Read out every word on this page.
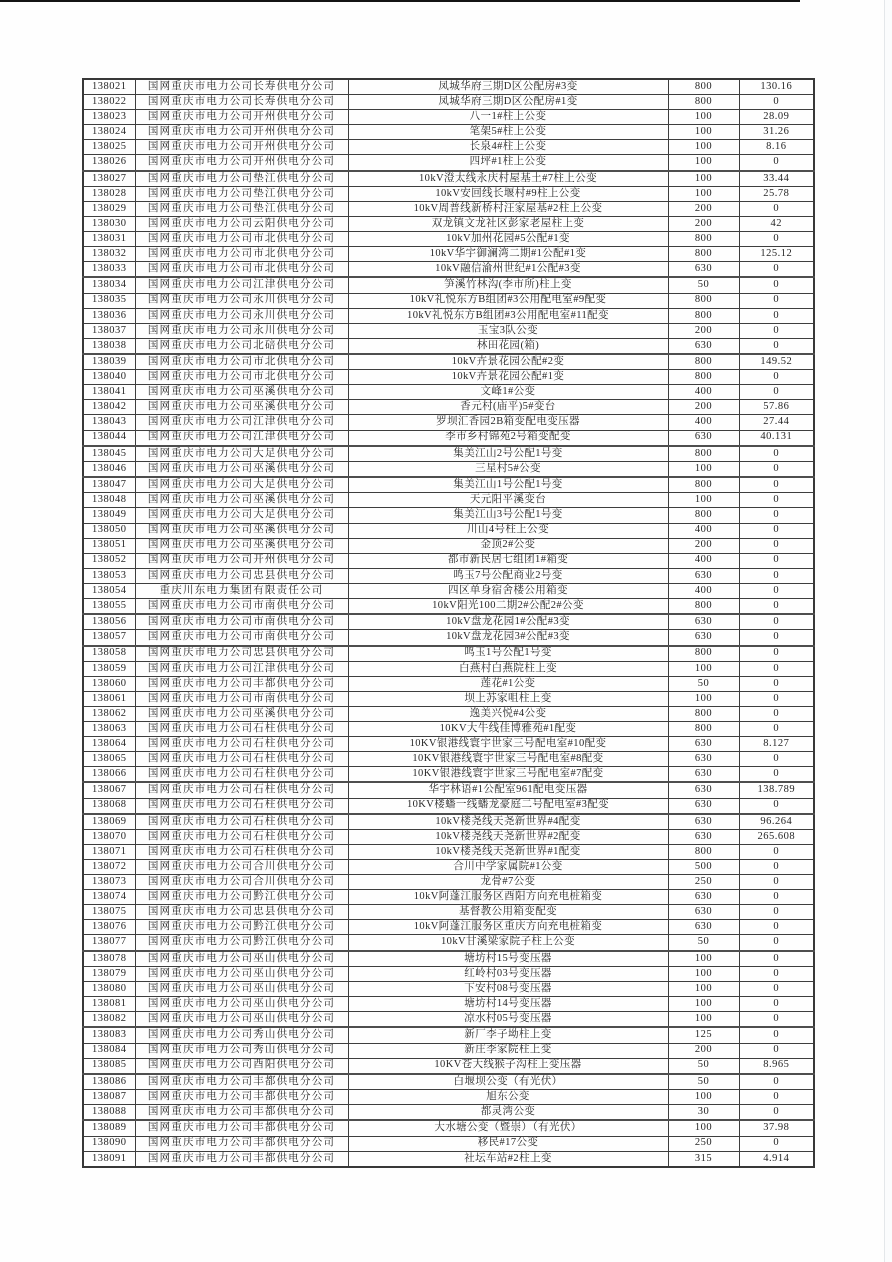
138021	国网重庆市电力公司长寿供电分公司	凤城华府三期D区公配房#3变	800	130.16
138022	国网重庆市电力公司长寿供电分公司	凤城华府三期D区公配房#1变	800	0
138023	国网重庆市电力公司开州供电分公司	八一1#柱上公变	100	28.09
138024	国网重庆市电力公司开州供电分公司	笔架5#柱上公变	100	31.26
138025	国网重庆市电力公司开州供电分公司	长泉4#柱上公变	100	8.16
138026	国网重庆市电力公司开州供电分公司	四坪#1柱上公变	100	0
138027	国网重庆市电力公司垫江供电分公司	10kV澄太线永庆村屋基土#7柱上公变	100	33.44
138028	国网重庆市电力公司垫江供电分公司	10kV安回线长堰村#9柱上公变	100	25.78
138029	国网重庆市电力公司垫江供电分公司	10kV周普线新桥村汪家屋基#2柱上公变	200	0
138030	国网重庆市电力公司云阳供电分公司	双龙镇文龙社区彭家老屋柱上变	200	42
138031	国网重庆市电力公司市北供电分公司	10kV加州花园#5公配#1变	800	0
138032	国网重庆市电力公司市北供电分公司	10kV华宇御澜湾二期#1公配#1变	800	125.12
138033	国网重庆市电力公司市北供电分公司	10kV融信渝州世纪#1公配#3变	630	0
138034	国网重庆市电力公司江津供电分公司	笋溪竹林沟(李市所)柱上变	50	0
138035	国网重庆市电力公司永川供电分公司	10kV礼悦东方B组团#3公用配电室#9配变	800	0
138036	国网重庆市电力公司永川供电分公司	10kV礼悦东方B组团#3公用配电室#11配变	800	0
138037	国网重庆市电力公司永川供电分公司	玉宝3队公变	200	0
138038	国网重庆市电力公司北碚供电分公司	林田花园(箱)	630	0
138039	国网重庆市电力公司市北供电分公司	10kV卉景花园公配#2变	800	149.52
138040	国网重庆市电力公司市北供电分公司	10kV卉景花园公配#1变	800	0
138041	国网重庆市电力公司巫溪供电分公司	文峰1#公变	400	0
138042	国网重庆市电力公司巫溪供电分公司	香元村(庙平)5#变台	200	57.86
138043	国网重庆市电力公司江津供电分公司	罗坝汇香园2B箱变配电变压器	400	27.44
138044	国网重庆市电力公司江津供电分公司	李市乡村锦苑2号箱变配变	630	40.131
138045	国网重庆市电力公司大足供电分公司	集美江山2号公配1号变	800	0
138046	国网重庆市电力公司巫溪供电分公司	三星村5#公变	100	0
138047	国网重庆市电力公司大足供电分公司	集美江山1号公配1号变	800	0
138048	国网重庆市电力公司巫溪供电分公司	天元阳平溪变台	100	0
138049	国网重庆市电力公司大足供电分公司	集美江山3号公配1号变	800	0
138050	国网重庆市电力公司巫溪供电分公司	川山4号柱上公变	400	0
138051	国网重庆市电力公司巫溪供电分公司	金顶2#公变	200	0
138052	国网重庆市电力公司开州供电分公司	都市新民居七组团1#箱变	400	0
138053	国网重庆市电力公司忠县供电分公司	鸣玉7号公配商业2号变	630	0
138054	重庆川东电力集团有限责任公司	四区单身宿舍楼公用箱变	400	0
138055	国网重庆市电力公司市南供电分公司	10kV阳光100二期2#公配2#公变	800	0
138056	国网重庆市电力公司市南供电分公司	10kV盘龙花园1#公配#3变	630	0
138057	国网重庆市电力公司市南供电分公司	10kV盘龙花园3#公配#3变	630	0
138058	国网重庆市电力公司忠县供电分公司	鸣玉1号公配1号变	800	0
138059	国网重庆市电力公司江津供电分公司	白燕村白燕院柱上变	100	0
138060	国网重庆市电力公司丰都供电分公司	莲花#1公变	50	0
138061	国网重庆市电力公司市南供电分公司	坝上苏家咀柱上变	100	0
138062	国网重庆市电力公司巫溪供电分公司	逸美兴悦#4公变	800	0
138063	国网重庆市电力公司石柱供电分公司	10KV大牛线佳博雅苑#1配变	800	0
138064	国网重庆市电力公司石柱供电分公司	10KV银港线寰宇世家三号配电室#10配变	630	8.127
138065	国网重庆市电力公司石柱供电分公司	10KV银港线寰宇世家三号配电室#8配变	630	0
138066	国网重庆市电力公司石柱供电分公司	10KV银港线寰宇世家三号配电室#7配变	630	0
138067	国网重庆市电力公司石柱供电分公司	华宇林语#1公配室961配电变压器	630	138.789
138068	国网重庆市电力公司石柱供电分公司	10KV楼蟠一线蟠龙豪庭二号配电室#3配变	630	0
138069	国网重庆市电力公司石柱供电分公司	10kV楼尧线天尧新世界#4配变	630	96.264
138070	国网重庆市电力公司石柱供电分公司	10kV楼尧线天尧新世界#2配变	630	265.608
138071	国网重庆市电力公司石柱供电分公司	10kV楼尧线天尧新世界#1配变	800	0
138072	国网重庆市电力公司合川供电分公司	合川中学家属院#1公变	500	0
138073	国网重庆市电力公司合川供电分公司	龙骨#7公变	250	0
138074	国网重庆市电力公司黔江供电分公司	10kV阿蓬江服务区酉阳方向充电桩箱变	630	0
138075	国网重庆市电力公司忠县供电分公司	基督教公用箱变配变	630	0
138076	国网重庆市电力公司黔江供电分公司	10kV阿蓬江服务区重庆方向充电桩箱变	630	0
138077	国网重庆市电力公司黔江供电分公司	10kV甘溪梁家院子柱上公变	50	0
138078	国网重庆市电力公司巫山供电分公司	塘坊村15号变压器	100	0
138079	国网重庆市电力公司巫山供电分公司	红岭村03号变压器	100	0
138080	国网重庆市电力公司巫山供电分公司	下安村08号变压器	100	0
138081	国网重庆市电力公司巫山供电分公司	塘坊村14号变压器	100	0
138082	国网重庆市电力公司巫山供电分公司	凉水村05号变压器	100	0
138083	国网重庆市电力公司秀山供电分公司	新厂李子坳柱上变	125	0
138084	国网重庆市电力公司秀山供电分公司	新庄李家院柱上变	200	0
138085	国网重庆市电力公司酉阳供电分公司	10KV苍大线猴子沟柱上变压器	50	8.965
138086	国网重庆市电力公司丰都供电分公司	白堰坝公变（有光伏）	50	0
138087	国网重庆市电力公司丰都供电分公司	旭东公变	100	0
138088	国网重庆市电力公司丰都供电分公司	都灵湾公变	30	0
138089	国网重庆市电力公司丰都供电分公司	大水塘公变（暨崇）（有光伏）	100	37.98
138090	国网重庆市电力公司丰都供电分公司	移民#17公变	250	0
138091	国网重庆市电力公司丰都供电分公司	社坛车站#2柱上变	315	4.914
